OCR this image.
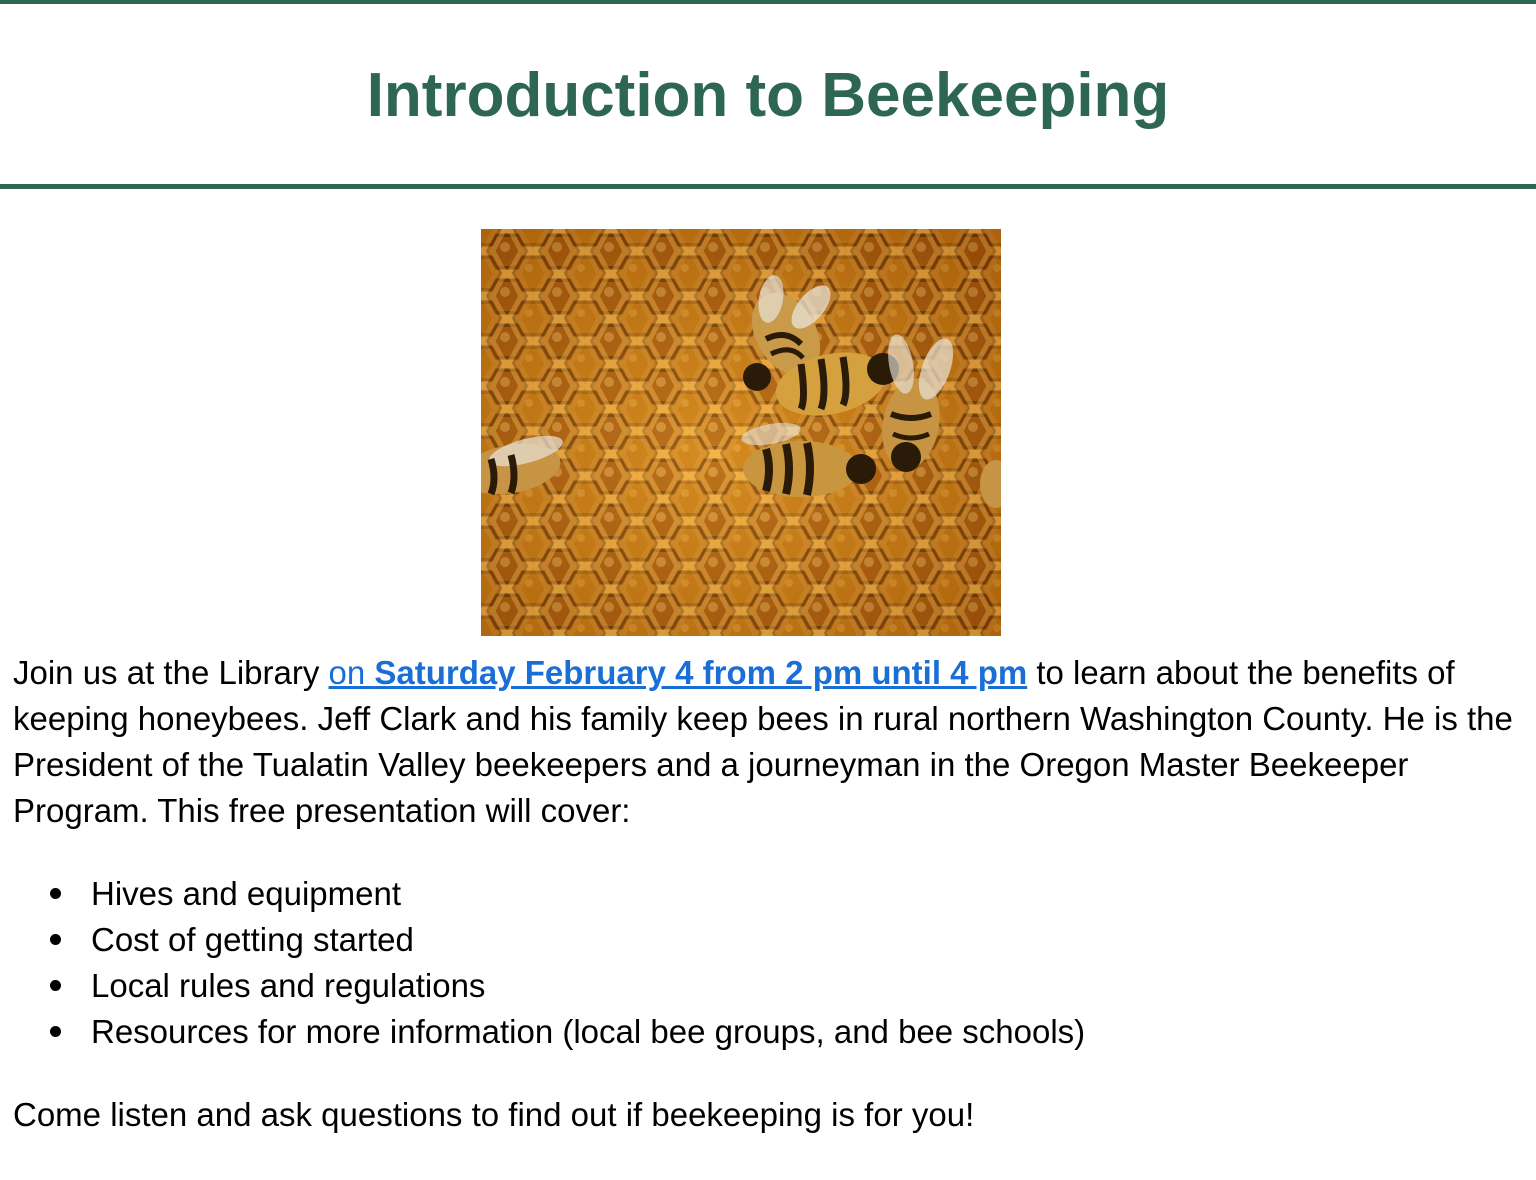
Introduction to Beekeeping

Join us at the Library on Saturday February 4 from 2 pm until 4 pm to learn about the benefits of keeping honeybees. Jeff Clark and his family keep bees in rural northern Washington County. He is the President of the Tualatin Valley beekeepers and a journeyman in the Oregon Master Beekeeper Program. This free presentation will cover:

Hives and equipment
Cost of getting started
Local rules and regulations
Resources for more information (local bee groups, and bee schools)

Come listen and ask questions to find out if beekeeping is for you!
